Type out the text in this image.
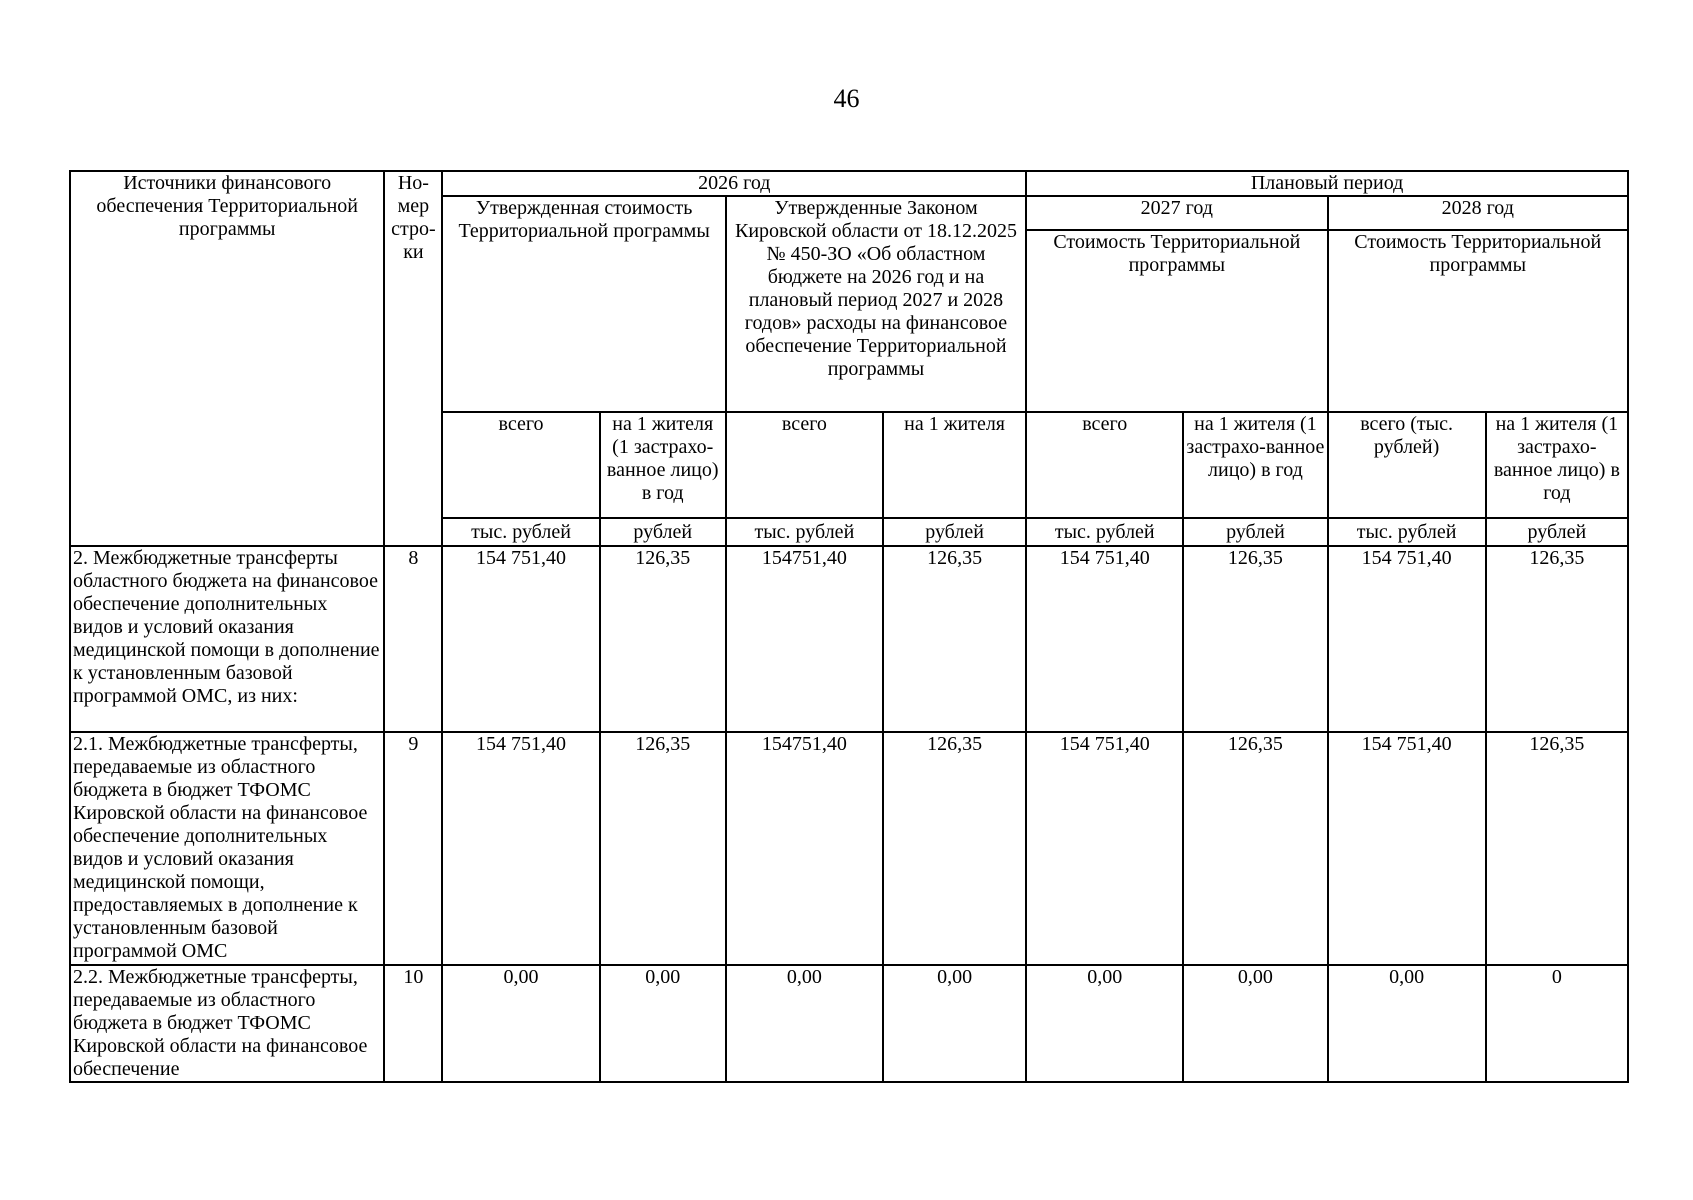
46
Источники финансового обеспечения Территориальной программы	Но-мер стро-ки	2026 год				Плановый период			
		Утвержденная стоимость Территориальной программы		Утвержденные Законом Кировской области от 18.12.2025 № 450-ЗО «Об областном бюджете на 2026 год и на плановый период 2027 и 2028 годов» расходы на финансовое обеспечение Территориальной программы		2027 год		2028 год	
						Стоимость Территориальной программы		Стоимость Территориальной программы	
		всего	на 1 жителя (1 застрахо-ванное лицо) в год	всего	на 1 жителя	всего	на 1 жителя (1 застрахо-ванное лицо) в год	всего (тыс. рублей)	на 1 жителя (1 застрахо-ванное лицо) в год
		тыс. рублей	рублей	тыс. рублей	рублей	тыс. рублей	рублей	тыс. рублей	рублей
2. Межбюджетные трансферты областного бюджета на финансовое обеспечение дополнительных видов и условий оказания медицинской помощи в дополнение к установленным базовой программой ОМС, из них:	8	154 751,40	126,35	154751,40	126,35	154 751,40	126,35	154 751,40	126,35
2.1. Межбюджетные трансферты, передаваемые из областного бюджета в бюджет ТФОМС Кировской области на финансовое обеспечение дополнительных видов и условий оказания медицинской помощи, предоставляемых в дополнение к установленным базовой программой ОМС	9	154 751,40	126,35	154751,40	126,35	154 751,40	126,35	154 751,40	126,35
2.2. Межбюджетные трансферты, передаваемые из областного бюджета в бюджет ТФОМС Кировской области на финансовое обеспечение	10	0,00	0,00	0,00	0,00	0,00	0,00	0,00	0
